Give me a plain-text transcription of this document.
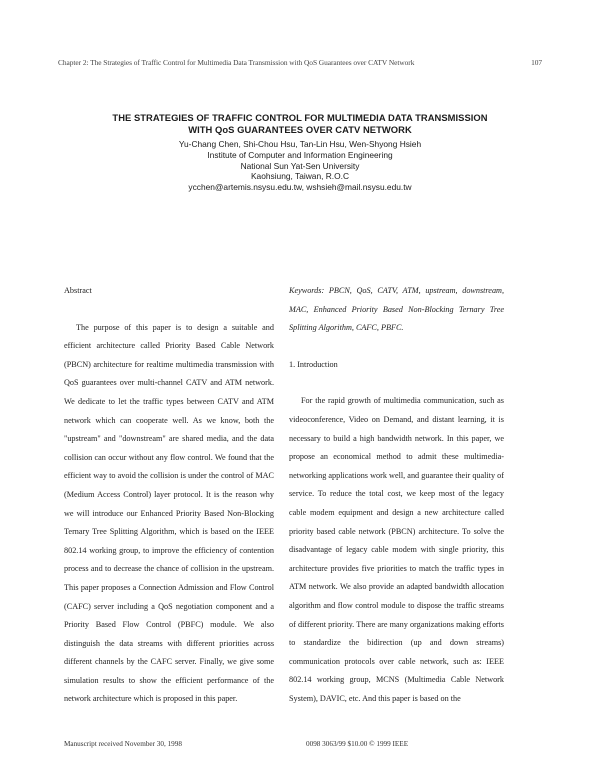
Chapter 2: The Strategies of Traffic Control for Multimedia Data Transmission with QoS Guarantees over CATV Network	107
THE STRATEGIES OF TRAFFIC CONTROL FOR MULTIMEDIA DATA TRANSMISSION
WITH QoS GUARANTEES OVER CATV NETWORK
Yu-Chang Chen, Shi-Chou Hsu, Tan-Lin Hsu, Wen-Shyong Hsieh
Institute of Computer and Information Engineering
National Sun Yat-Sen University
Kaohsiung, Taiwan, R.O.C
ycchen@artemis.nsysu.edu.tw, wshsieh@mail.nsysu.edu.tw

Abstract

The purpose of this paper is to design a suitable and efficient architecture called Priority Based Cable Network (PBCN) architecture for realtime multimedia transmission with QoS guarantees over multi-channel CATV and ATM network. We dedicate to let the traffic types between CATV and ATM network which can cooperate well. As we know, both the "upstream" and "downstream" are shared media, and the data collision can occur without any flow control. We found that the efficient way to avoid the collision is under the control of MAC (Medium Access Control) layer protocol. It is the reason why we will introduce our Enhanced Priority Based Non-Blocking Ternary Tree Splitting Algorithm, which is based on the IEEE 802.14 working group, to improve the efficiency of contention process and to decrease the chance of collision in the upstream. This paper proposes a Connection Admission and Flow Control (CAFC) server including a QoS negotiation component and a Priority Based Flow Control (PBFC) module. We also distinguish the data streams with different priorities across different channels by the CAFC server. Finally, we give some simulation results to show the efficient performance of the network architecture which is proposed in this paper.

Keywords: PBCN, QoS, CATV, ATM, upstream, downstream, MAC, Enhanced Priority Based Non-Blocking Ternary Tree Splitting Algorithm, CAFC, PBFC.

1. Introduction

For the rapid growth of multimedia communication, such as videoconference, Video on Demand, and distant learning, it is necessary to build a high bandwidth network. In this paper, we propose an economical method to admit these multimedia-networking applications work well, and guarantee their quality of service. To reduce the total cost, we keep most of the legacy cable modem equipment and design a new architecture called priority based cable network (PBCN) architecture. To solve the disadvantage of legacy cable modem with single priority, this architecture provides five priorities to match the traffic types in ATM network. We also provide an adapted bandwidth allocation algorithm and flow control module to dispose the traffic streams of different priority. There are many organizations making efforts to standardize the bidirection (up and down streams) communication protocols over cable network, such as: IEEE 802.14 working group, MCNS (Multimedia Cable Network System), DAVIC, etc. And this paper is based on the

Manuscript received November 30, 1998	0098 3063/99 $10.00 © 1999 IEEE
